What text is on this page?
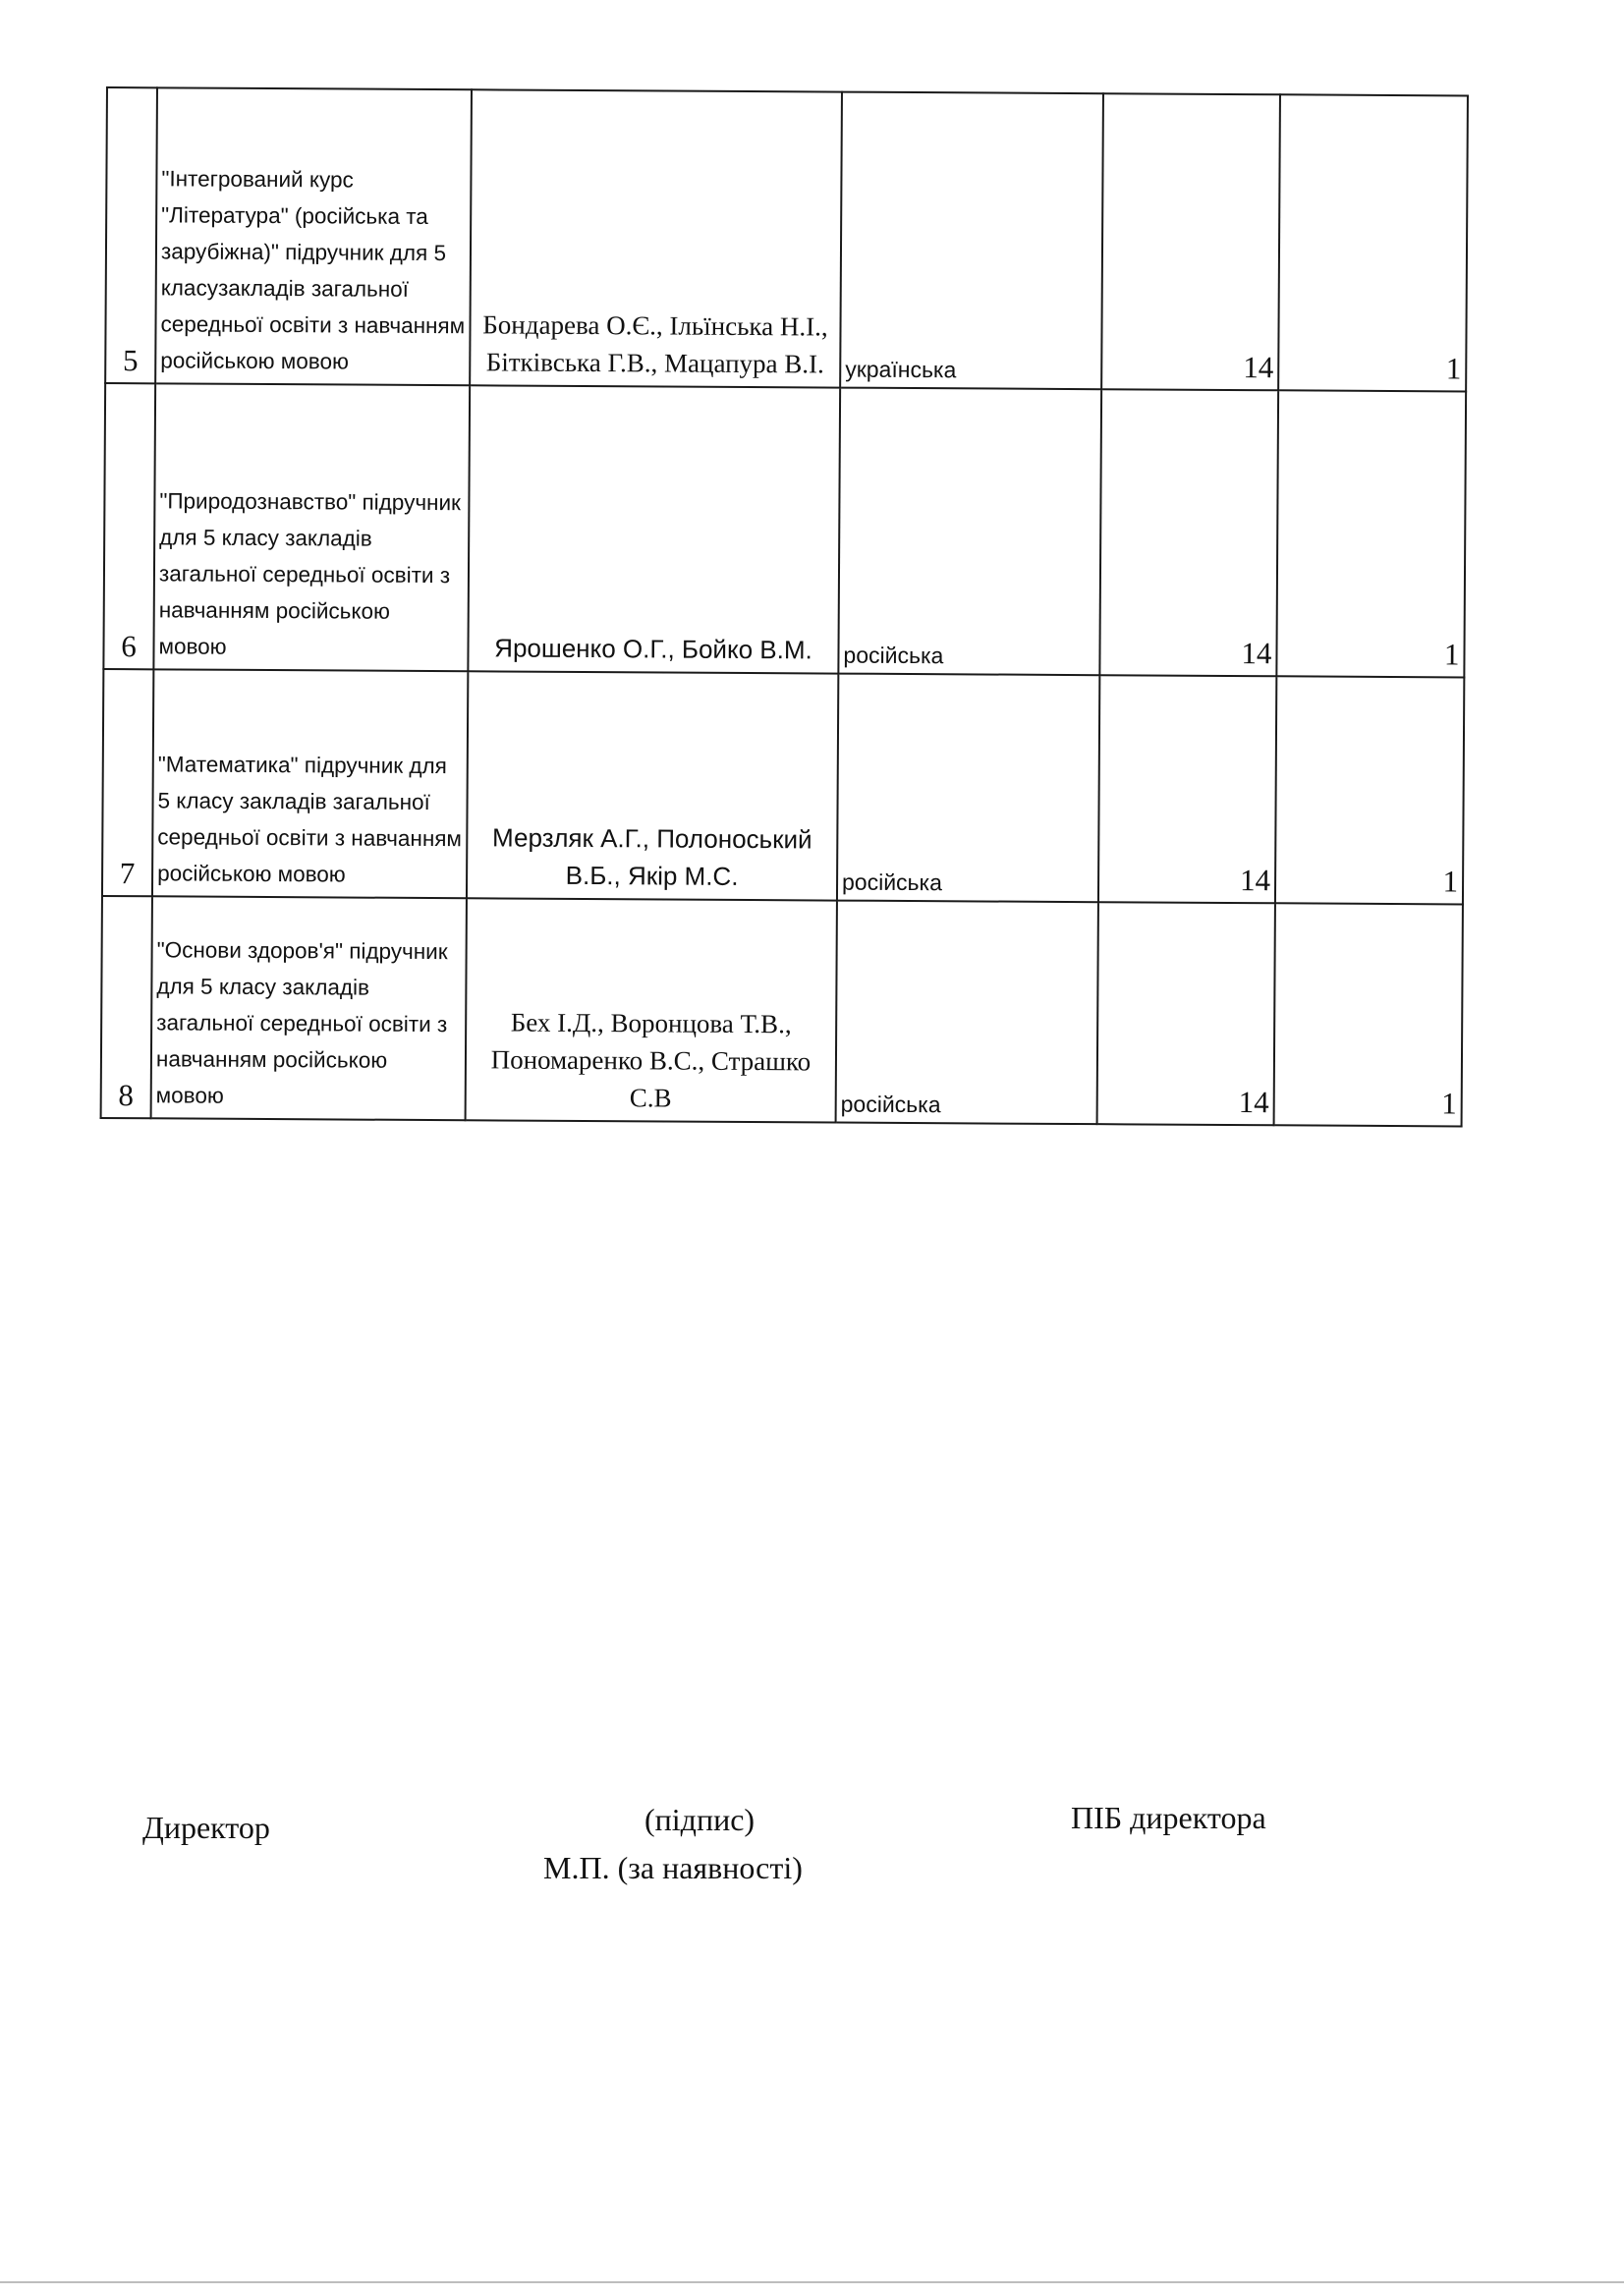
5	"Інтегрований курс "Література" (російська та зарубіжна)" підручник для 5 класузакладів загальної середньої освіти з навчанням російською мовою	Бондарева О.Є., Ільїнська Н.І., Бітківська Г.В., Мацапура В.І.	українська	14	1
6	"Природознавство" підручник для 5 класу закладів загальної середньої освіти з навчанням російською мовою	Ярошенко О.Г., Бойко В.М.	російська	14	1
7	"Математика" підручник для 5 класу закладів загальної середньої освіти з навчанням російською мовою	Мерзляк А.Г., Полоноський В.Б., Якір М.С.	російська	14	1
8	"Основи здоров'я" підручник для 5 класу закладів загальної середньої освіти з навчанням російською мовою	Бех І.Д., Воронцова Т.В., Пономаренко В.С., Страшко С.В	російська	14	1
Директор	(підпис)
М.П. (за наявності)
ПІБ директора
